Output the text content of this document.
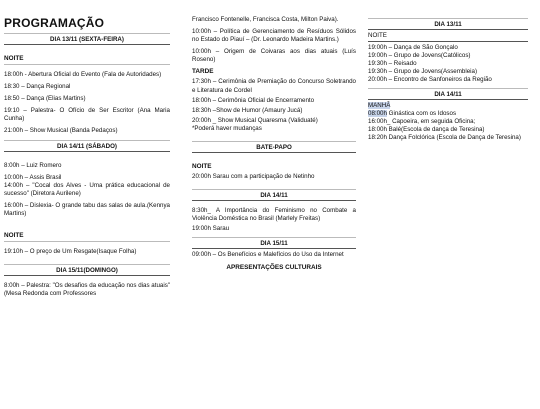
PROGRAMAÇÃO
DIA 13/11 (SEXTA-FEIRA)
NOITE
18:00h - Abertura Oficial do Evento (Fala de Autoridades)
18:30 – Dança Regional
18:50 – Dança (Elias Martins)
19:10 – Palestra- O Ofício de Ser Escritor (Ana Maria Cunha)
21:00h – Show Musical (Banda Pedaços)
DIA 14/11 (SÁBADO)
8:00h – Luiz Romero
10:00h – Assis Brasil
14:00h – "Cocal dos Alves - Uma prática educacional de sucesso" (Diretora Aurilene)
16:00h – Dislexia- O grande tabu das salas de aula.(Kennya Martins)
NOITE
19:10h – O preço de Um Resgate(Isaque Folha)
DIA 15/11(DOMINGO)
8:00h – Palestra: "Os desafios da educação nos dias atuais"(Mesa Redonda com Professores
Francisco Fontenelle, Francisca Costa, Milton Paiva).
10:00h – Política de Gerenciamento de Resíduos Sólidos no Estado do Piauí – (Dr. Leonardo Madeira Martins.)
10:00h – Origem de Coivaras aos dias atuais (Luís Roseno)
TARDE
17:30h – Cerimônia de Premiação do Concurso Soletrando e Literatura de Cordel
18:00h – Cerimônia Oficial de Encerramento
18:30h –Show de Humor (Amaury Jucá)
20:00h _ Show Musical Quaresma (Validuaté)
*Poderá haver mudanças
BATE-PAPO
NOITE
20:00h Sarau com a participação de Netinho
DIA 14/11
8:30h_ A Importância do Feminismo no Combate a Violência Doméstica no Brasil (Marlely Freitas)
19:00h Sarau
DIA 15/11
09:00h – Os Benefícios e Malefícios do Uso da Internet
APRESENTAÇÕES CULTURAIS
DIA 13/11
NOITE
19:00h – Dança de São Gonçalo
19:00h – Grupo de Jovens(Católicos)
19:30h – Reisado
19:30h – Grupo de Jovens(Assembleia)
20:00h – Encontro de Sanfoneiros da Região
DIA 14/11
MANHÃ
08:00h Ginástica com os Idosos
16:00h_ Capoeira, em seguida Oficina;
18:00h Balé(Escola de dança de Teresina)
18:20h Dança Folclórica (Escola de Dança de Teresina)
